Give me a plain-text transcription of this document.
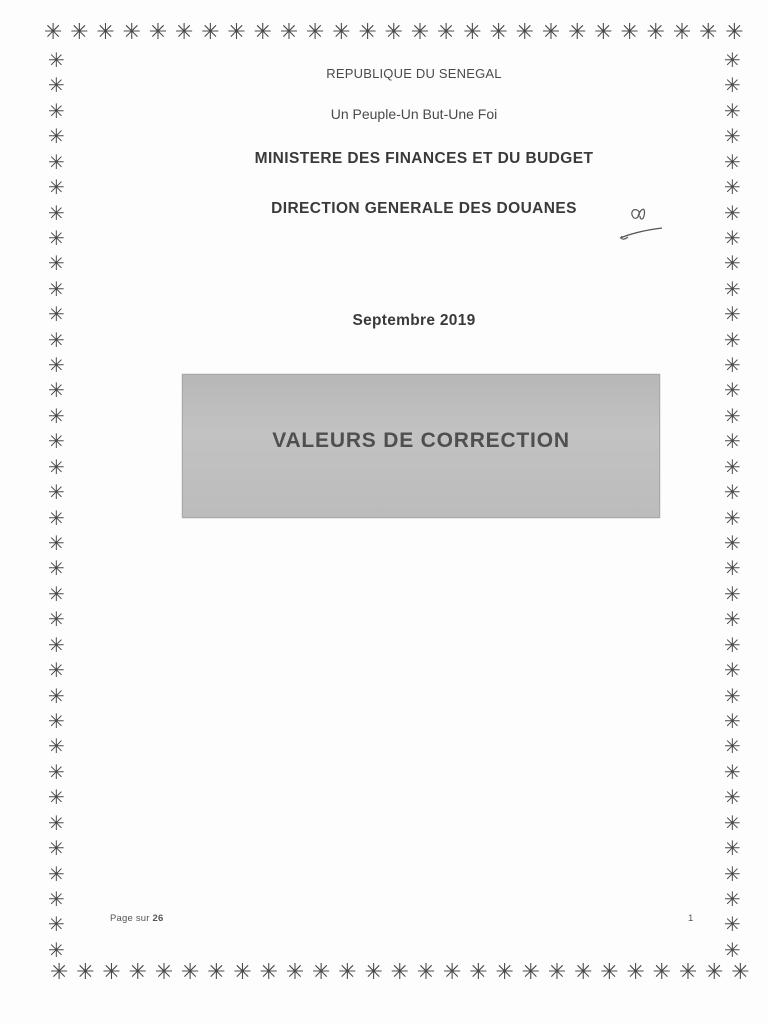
✳ ✳ ✳ ✳ ✳ ✳ ✳ ✳ ✳ ✳ ✳ ✳ ✳ ✳ ✳ ✳ ✳ ✳ ✳ ✳ ✳ ✳ ✳ ✳ ✳ ✳ ✳
✳ ✳ ✳ ✳ ✳ ✳ ✳ ✳ ✳ ✳ ✳ ✳ ✳ ✳ ✳ ✳ ✳ ✳ ✳ ✳ ✳ ✳ ✳ ✳ ✳ ✳ ✳
✳
✳
✳
✳
✳
✳
✳
✳
✳
✳
✳
✳
✳
✳
✳
✳
✳
✳
✳
✳
✳
✳
✳
✳
✳
✳
✳
✳
✳
✳
✳
✳
✳
✳
✳
✳
✳
✳
✳
✳
✳
✳
✳
✳
✳
✳
✳
✳
✳
✳
✳
✳
✳
✳
✳
✳
✳
✳
✳
✳
✳
✳
✳
✳
✳
✳
✳
✳
✳
✳
✳
✳
REPUBLIQUE DU SENEGAL
Un Peuple-Un But-Une Foi
MINISTERE DES FINANCES ET DU BUDGET
DIRECTION GENERALE DES DOUANES
Septembre 2019
VALEURS DE CORRECTION
Page sur 26	1
